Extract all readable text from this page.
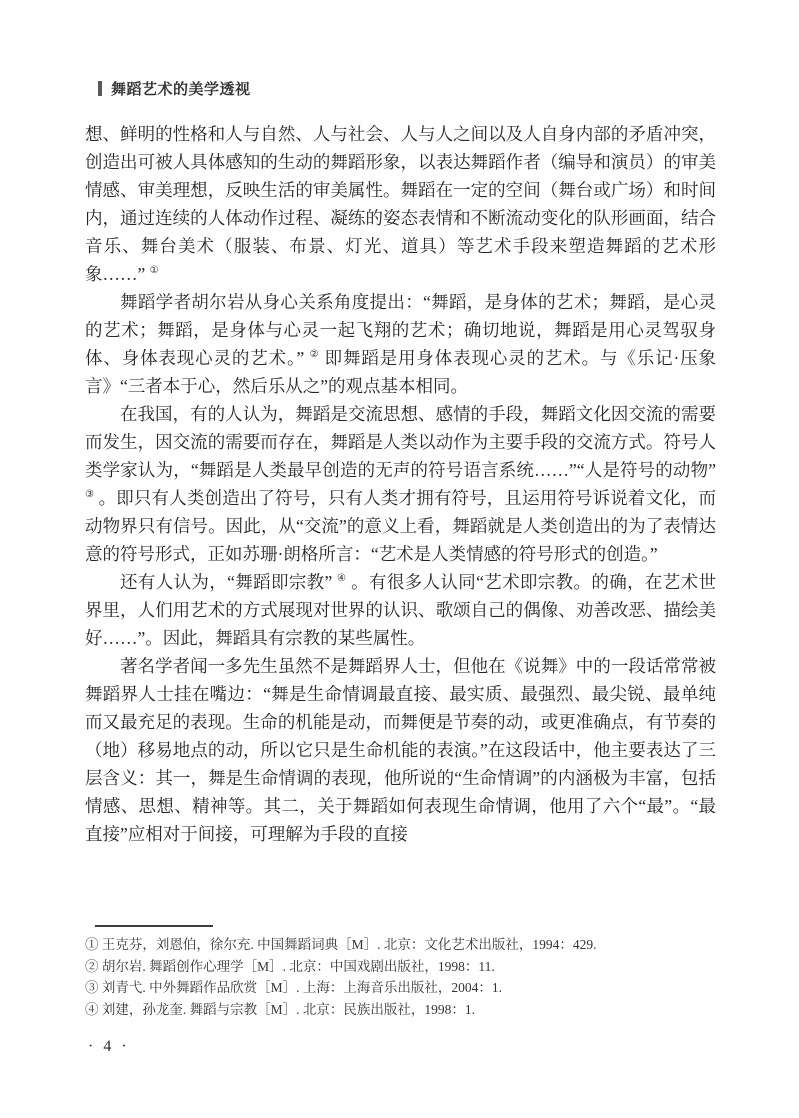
舞蹈艺术的美学透视

想、鲜明的性格和人与自然、人与社会、人与人之间以及人自身内部的矛盾冲突，创造出可被人具体感知的生动的舞蹈形象，以表达舞蹈作者（编导和演员）的审美情感、审美理想，反映生活的审美属性。舞蹈在一定的空间（舞台或广场）和时间内，通过连续的人体动作过程、凝练的姿态表情和不断流动变化的队形画面，结合音乐、舞台美术（服装、布景、灯光、道具）等艺术手段来塑造舞蹈的艺术形象……” ①

舞蹈学者胡尔岩从身心关系角度提出：“舞蹈，是身体的艺术；舞蹈，是心灵的艺术；舞蹈，是身体与心灵一起飞翔的艺术；确切地说，舞蹈是用心灵驾驭身体、身体表现心灵的艺术。” ② 即舞蹈是用身体表现心灵的艺术。与《乐记·压象言》“三者本于心，然后乐从之”的观点基本相同。

在我国，有的人认为，舞蹈是交流思想、感情的手段，舞蹈文化因交流的需要而发生，因交流的需要而存在，舞蹈是人类以动作为主要手段的交流方式。符号人类学家认为，“舞蹈是人类最早创造的无声的符号语言系统……”“人是符号的动物” ③ 。即只有人类创造出了符号，只有人类才拥有符号，且运用符号诉说着文化，而动物界只有信号。因此，从“交流”的意义上看，舞蹈就是人类创造出的为了表情达意的符号形式，正如苏珊·朗格所言：“艺术是人类情感的符号形式的创造。”

还有人认为，“舞蹈即宗教” ④ 。有很多人认同“艺术即宗教。的确，在艺术世界里，人们用艺术的方式展现对世界的认识、歌颂自己的偶像、劝善改恶、描绘美好……”。因此，舞蹈具有宗教的某些属性。

著名学者闻一多先生虽然不是舞蹈界人士，但他在《说舞》中的一段话常常被舞蹈界人士挂在嘴边：“舞是生命情调最直接、最实质、最强烈、最尖锐、最单纯而又最充足的表现。生命的机能是动，而舞便是节奏的动，或更准确点，有节奏的（地）移易地点的动，所以它只是生命机能的表演。”在这段话中，他主要表达了三层含义：其一，舞是生命情调的表现，他所说的“生命情调”的内涵极为丰富，包括情感、思想、精神等。其二，关于舞蹈如何表现生命情调，他用了六个“最”。“最直接”应相对于间接，可理解为手段的直接

① 王克芬，刘恩伯，徐尔充. 中国舞蹈词典［M］. 北京：文化艺术出版社，1994：429.
② 胡尔岩. 舞蹈创作心理学［M］. 北京：中国戏剧出版社，1998：11.
③ 刘青弋. 中外舞蹈作品欣赏［M］. 上海：上海音乐出版社，2004：1.
④ 刘建，孙龙奎. 舞蹈与宗教［M］. 北京：民族出版社，1998：1.
· 4 ·
